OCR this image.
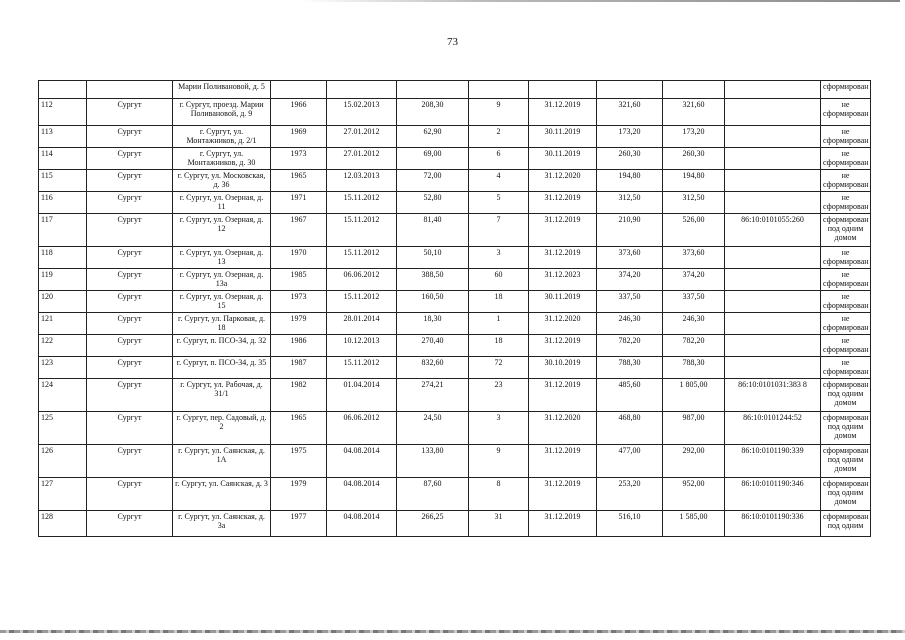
73
		Марии Поливановой, д. 5									сформирован
112	Сургут	г. Сургут, проезд. Марии Поливановой, д. 9	1966	15.02.2013	208,30	9	31.12.2019	321,60	321,60		не сформирован
113	Сургут	г. Сургут, ул. Монтажников, д. 2/1	1969	27.01.2012	62,90	2	30.11.2019	173,20	173,20		не сформирован
114	Сургут	г. Сургут, ул. Монтажников, д. 30	1973	27.01.2012	69,00	6	30.11.2019	260,30	260,30		не сформирован
115	Сургут	г. Сургут, ул. Московская, д. 36	1965	12.03.2013	72,00	4	31.12.2020	194,80	194,80		не сформирован
116	Сургут	г. Сургут, ул. Озерная, д. 11	1971	15.11.2012	52,80	5	31.12.2019	312,50	312,50		не сформирован
117	Сургут	г. Сургут, ул. Озерная, д. 12	1967	15.11.2012	81,40	7	31.12.2019	210,90	526,00	86:10:0101055:260	сформирован под одним домом
118	Сургут	г. Сургут, ул. Озерная, д. 13	1970	15.11.2012	50,10	3	31.12.2019	373,60	373,60		не сформирован
119	Сургут	г. Сургут, ул. Озерная, д. 13а	1985	06.06.2012	388,50	60	31.12.2023	374,20	374,20		не сформирован
120	Сургут	г. Сургут, ул. Озерная, д. 15	1973	15.11.2012	160,50	18	30.11.2019	337,50	337,50		не сформирован
121	Сургут	г. Сургут, ул. Парковая, д. 18	1979	28.01.2014	18,30	1	31.12.2020	246,30	246,30		не сформирован
122	Сургут	г. Сургут, п. ПСО-34, д. 32	1986	10.12.2013	270,40	18	31.12.2019	782,20	782,20		не сформирован
123	Сургут	г. Сургут, п. ПСО-34, д. 35	1987	15.11.2012	832,60	72	30.10.2019	788,30	788,30		не сформирован
124	Сургут	г. Сургут, ул. Рабочая, д. 31/1	1982	01.04.2014	274,21	23	31.12.2019	485,60	1 805,00	86:10:0101031:383 8	сформирован под одним домом
125	Сургут	г. Сургут, пер. Садовый, д. 2	1965	06.06.2012	24,50	3	31.12.2020	468,80	987,00	86:10:0101244:52	сформирован под одним домом
126	Сургут	г. Сургут, ул. Саянская, д. 1А	1975	04.08.2014	133,80	9	31.12.2019	477,00	292,00	86:10:0101190:339	сформирован под одним домом
127	Сургут	г. Сургут, ул. Саянская, д. 3	1979	04.08.2014	87,60	8	31.12.2019	253,20	952,00	86:10:0101190:346	сформирован под одним домом
128	Сургут	г. Сургут, ул. Саянская, д. 3а	1977	04.08.2014	266,25	31	31.12.2019	516,10	1 585,00	86:10:0101190:336	сформирован под одним
